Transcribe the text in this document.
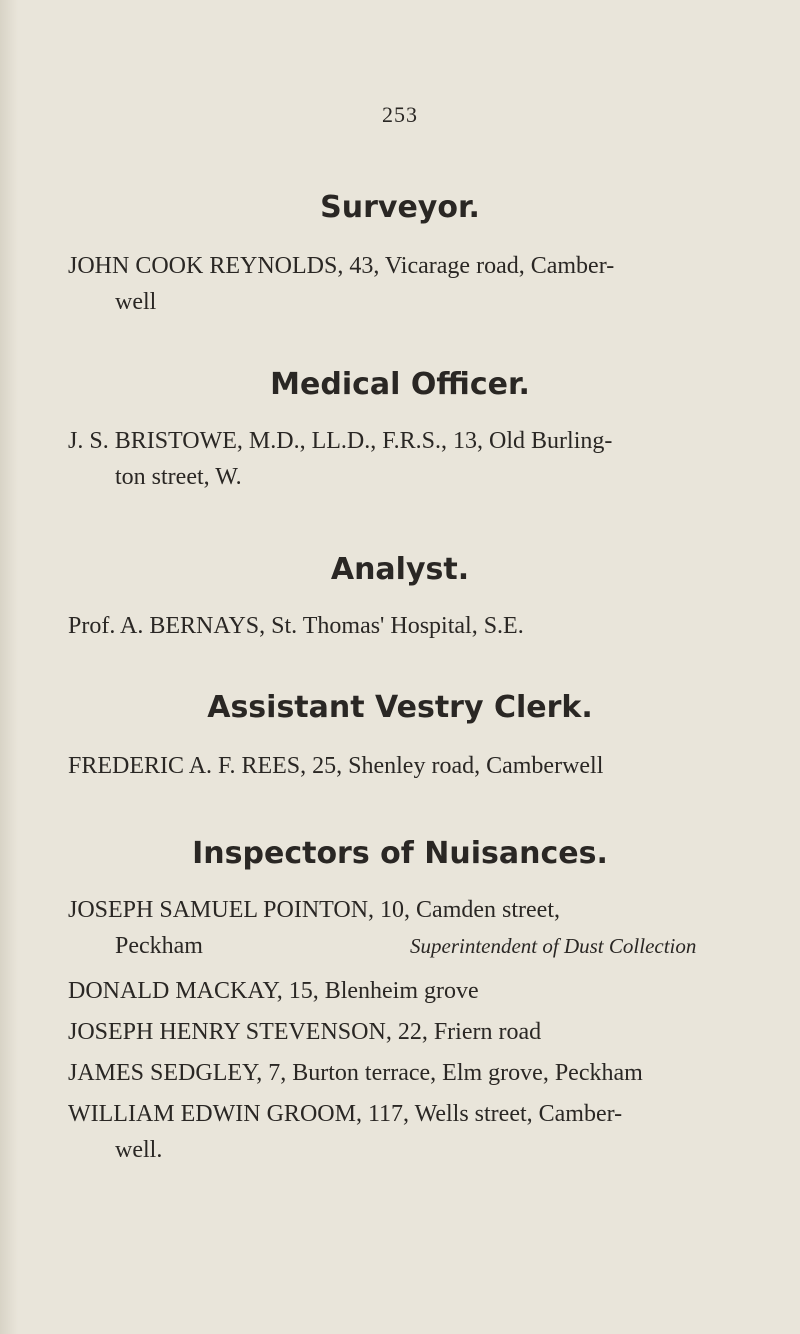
253
Surveyor.

JOHN COOK REYNOLDS, 43, Vicarage road, Camber-
well

Medical Officer.

J. S. BRISTOWE, M.D., LL.D., F.R.S., 13, Old Burling-
ton street, W.

Analyst.

Prof. A. BERNAYS, St. Thomas' Hospital, S.E.

Assistant Vestry Clerk.

FREDERIC A. F. REES, 25, Shenley road, Camberwell

Inspectors of Nuisances.

JOSEPH SAMUEL POINTON, 10, Camden street,
Peckham	Superintendent of Dust Collection

DONALD MACKAY, 15, Blenheim grove

JOSEPH HENRY STEVENSON, 22, Friern road

JAMES SEDGLEY, 7, Burton terrace, Elm grove, Peckham

WILLIAM EDWIN GROOM, 117, Wells street, Camber-
well.
